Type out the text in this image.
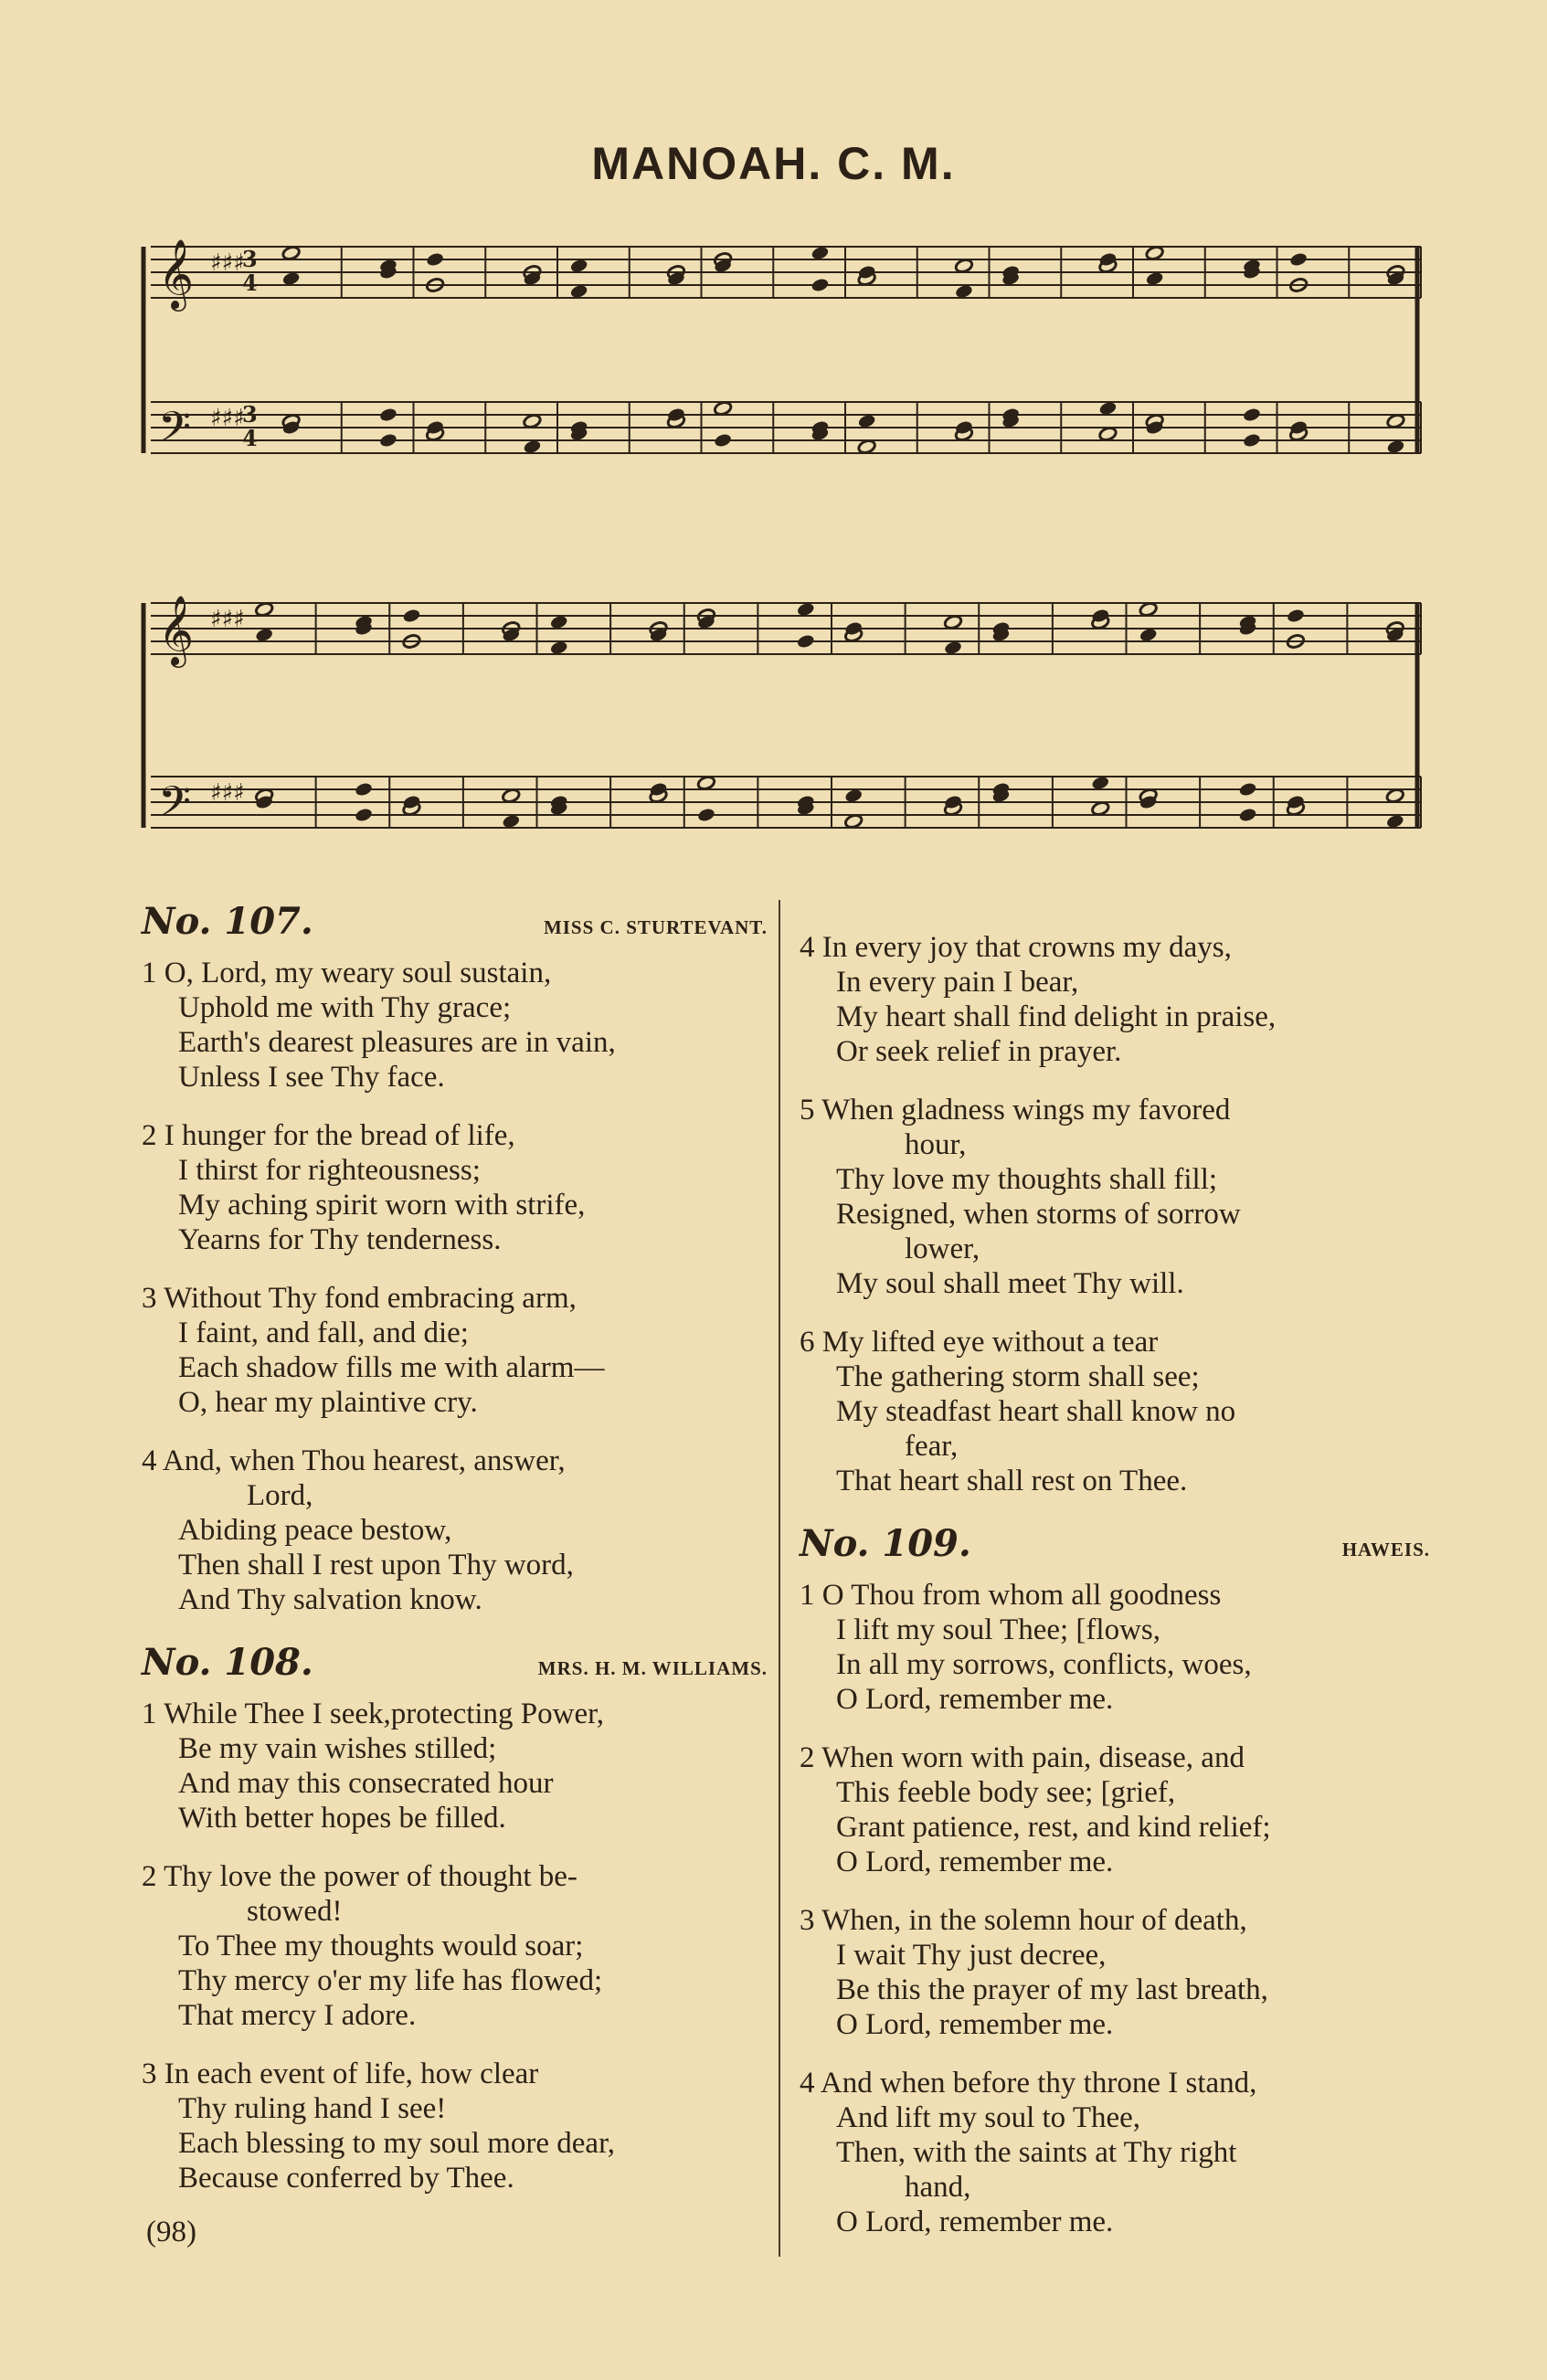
MANOAH. C. M.
𝄞
𝄢
♯♯♯
♯♯♯
3
4
3
4
𝄞
𝄢
♯♯♯
♯♯♯
No. 107.	MISS C. STURTEVANT.
1 O, Lord, my weary soul sustain,
Uphold me with Thy grace;
Earth's dearest pleasures are in vain,
Unless I see Thy face.
2 I hunger for the bread of life,
I thirst for righteousness;
My aching spirit worn with strife,
Yearns for Thy tenderness.
3 Without Thy fond embracing arm,
I faint, and fall, and die;
Each shadow fills me with alarm—
O, hear my plaintive cry.
4 And, when Thou hearest, answer,
Lord,
Abiding peace bestow,
Then shall I rest upon Thy word,
And Thy salvation know.
No. 108.	MRS. H. M. WILLIAMS.
1 While Thee I seek,protecting Power,
Be my vain wishes stilled;
And may this consecrated hour
With better hopes be filled.
2 Thy love the power of thought be-
stowed!
To Thee my thoughts would soar;
Thy mercy o'er my life has flowed;
That mercy I adore.
3 In each event of life, how clear
Thy ruling hand I see!
Each blessing to my soul more dear,
Because conferred by Thee.
4 In every joy that crowns my days,
In every pain I bear,
My heart shall find delight in praise,
Or seek relief in prayer.
5 When gladness wings my favored
hour,
Thy love my thoughts shall fill;
Resigned, when storms of sorrow
lower,
My soul shall meet Thy will.
6 My lifted eye without a tear
The gathering storm shall see;
My steadfast heart shall know no
fear,
That heart shall rest on Thee.
No. 109.	HAWEIS.
1 O Thou from whom all goodness
I lift my soul Thee; [flows,
In all my sorrows, conflicts, woes,
O Lord, remember me.
2 When worn with pain, disease, and
This feeble body see; [grief,
Grant patience, rest, and kind relief;
O Lord, remember me.
3 When, in the solemn hour of death,
I wait Thy just decree,
Be this the prayer of my last breath,
O Lord, remember me.
4 And when before thy throne I stand,
And lift my soul to Thee,
Then, with the saints at Thy right
hand,
O Lord, remember me.
(98)
